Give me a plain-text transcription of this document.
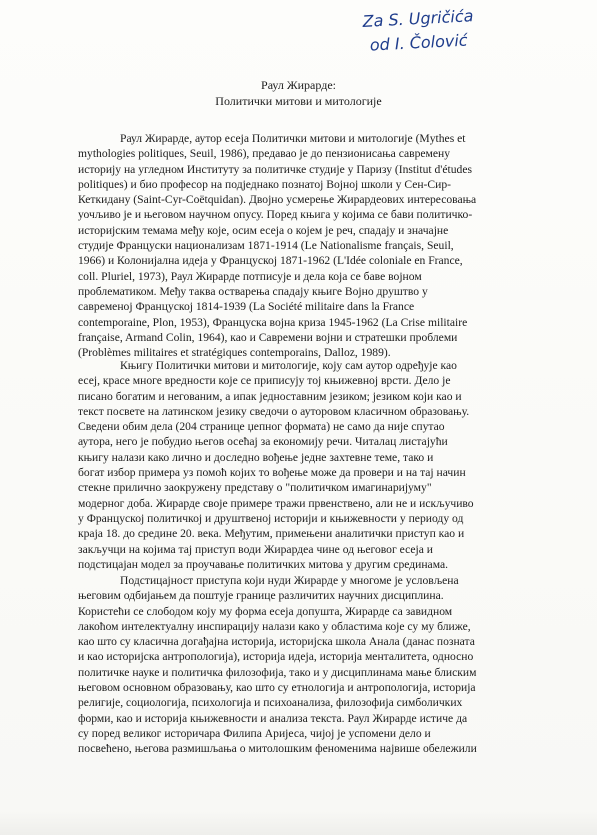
Za S. Ugričića
od I. Čolović
Раул Жирарде:
Политички митови и митологије
Раул Жирарде, аутор есеја Политички митови и митологије (Mythes et
mythologies politiques, Seuil, 1986), предавао је до пензионисања савремену
историју на угледном Институту за политичке студије у Паризу (Institut d'études
politiques) и био професор на подједнако познатој Војној школи у Сен-Сир-
Кеткидану (Saint-Cyr-Coëtquidan). Двојно усмерење Жирардеових интересовања
уочљиво је и његовом научном опусу. Поред књига у којима се бави политичко-
историјским темама међу које, осим есеја о којем је реч, спадају и значајне
студије Француски национализам 1871-1914 (Le Nationalisme français, Seuil,
1966) и Колонијална идеја у Француској 1871-1962 (L'Idée coloniale en France,
coll. Pluriel, 1973), Раул Жирарде потписује и дела која се баве војном
проблематиком. Међу таква остварења спадају књиге Војно друштво у
савременој Француској 1814-1939 (La Société militaire dans la France
contemporaine, Plon, 1953), Француска војна криза 1945-1962 (La Crise militaire
française, Armand Colin, 1964), као и Савремени војни и стратешки проблеми
(Problèmes militaires et stratégiques contemporains, Dalloz, 1989).
Књигу Политички митови и митологије, коју сам аутор одређује као
есеј, красе многе вредности које се приписују тој књижевној врсти. Дело је
писано богатим и негованим, а ипак једноставним језиком; језиком који као и
текст посвете на латинском језику сведочи о ауторовом класичном образовању.
Сведени обим дела (204 странице џепног формата) не само да није спутао
аутора, него је побудио његов осећај за економију речи. Читалац листајући
књигу налази како лично и доследно вођење једне захтевне теме, тако и
богат избор примера уз помоћ којих то вођење може да провери и на тај начин
стекне прилично заокружену представу о "политичком имагинаријуму"
модерног доба. Жирарде своје примере тражи првенствено, али не и искључиво
у Француској политичкој и друштвеној историји и књижевности у периоду од
краја 18. до средине 20. века. Међутим, примењени аналитички приступ као и
закључци на којима тај приступ води Жирардеа чине од његовог есеја и
подстицајан модел за проучавање политичких митова у другим срединама.
Подстицајност приступа који нуди Жирарде у многоме је условљена
његовим одбијањем да поштује границе различитих научних дисциплина.
Користећи се слободом коју му форма есеја допушта, Жирарде са завидном
лакоћом интелектуалну инспирацију налази како у областима које су му ближе,
као што су класична догађајна историја, историјска школа Анала (данас позната
и као историјска антропологија), историја идеја, историја менталитета, односно
политичке науке и политичка филозофија, тако и у дисциплинама мање блиским
његовом основном образовању, као што су етнологија и антропологија, историја
религије, социологија, психологија и психоанализа, филозофија симболичких
форми, као и историја књижевности и анализа текста. Раул Жирарде истиче да
су поред великог историчара Филипа Аријеса, чијој је успомени дело и
посвећено, његова размишљања о митолошким феноменима највише обележили
